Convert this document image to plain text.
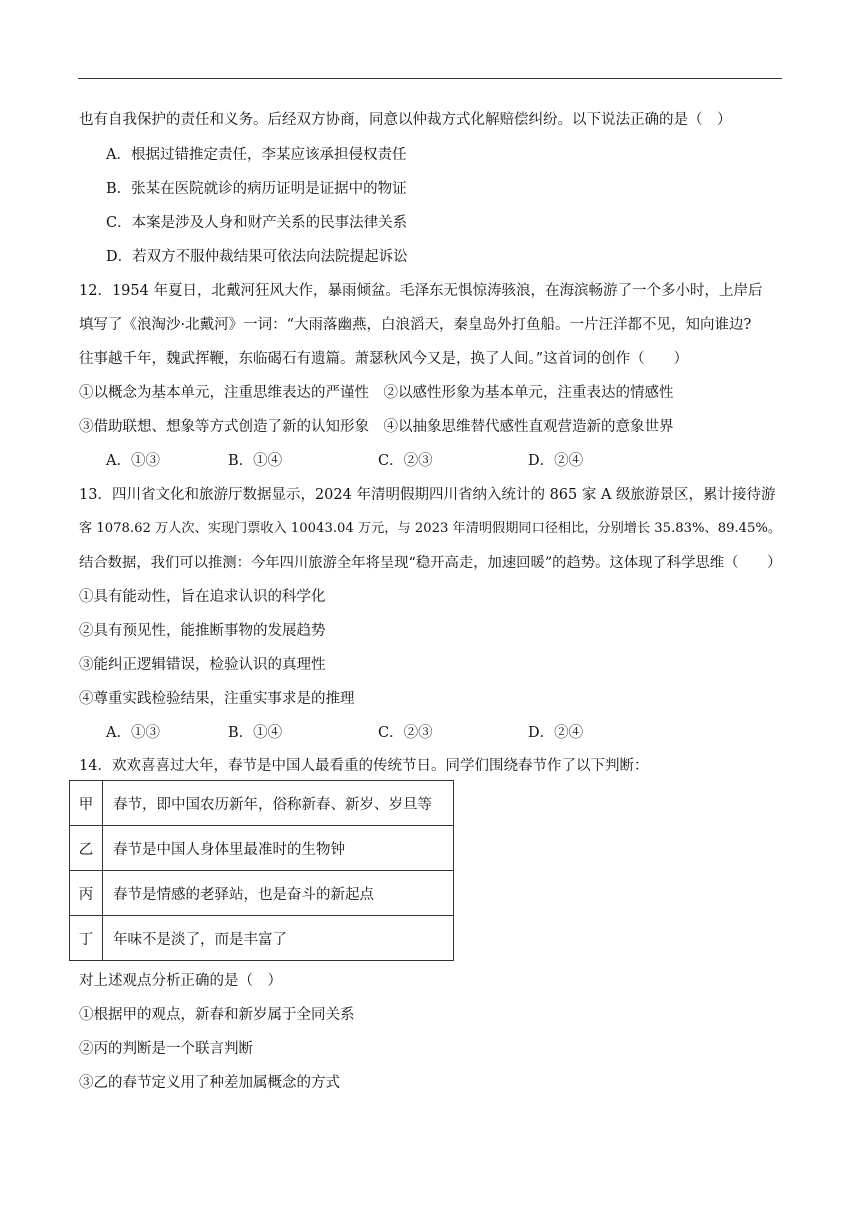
也有自我保护的责任和义务。后经双方协商，同意以仲裁方式化解赔偿纠纷。以下说法正确的是（　）
A．根据过错推定责任，李某应该承担侵权责任
B．张某在医院就诊的病历证明是证据中的物证
C．本案是涉及人身和财产关系的民事法律关系
D．若双方不服仲裁结果可依法向法院提起诉讼
12．1954 年夏日，北戴河狂风大作，暴雨倾盆。毛泽东无惧惊涛骇浪，在海滨畅游了一个多小时，上岸后
填写了《浪淘沙·北戴河》一词：“大雨落幽燕，白浪滔天，秦皇岛外打鱼船。一片汪洋都不见，知向谁边?
往事越千年，魏武挥鞭，东临碣石有遗篇。萧瑟秋风今又是，换了人间。”这首词的创作（　　）
①以概念为基本单元，注重思维表达的严谨性　②以感性形象为基本单元，注重表达的情感性
③借助联想、想象等方式创造了新的认知形象　④以抽象思维替代感性直观营造新的意象世界
A．①③	B．①④	C．②③	D．②④
13．四川省文化和旅游厅数据显示，2024 年清明假期四川省纳入统计的 865 家 A 级旅游景区，累计接待游
客 1078.62 万人次、实现门票收入 10043.04 万元，与 2023 年清明假期同口径相比，分别增长 35.83%、89.45%。
结合数据，我们可以推测：今年四川旅游全年将呈现“稳开高走，加速回暖”的趋势。这体现了科学思维（　　）
①具有能动性，旨在追求认识的科学化
②具有预见性，能推断事物的发展趋势
③能纠正逻辑错误，检验认识的真理性
④尊重实践检验结果，注重实事求是的推理
A．①③	B．①④	C．②③	D．②④
14．欢欢喜喜过大年，春节是中国人最看重的传统节日。同学们围绕春节作了以下判断：
甲	春节，即中国农历新年，俗称新春、新岁、岁旦等
乙	春节是中国人身体里最准时的生物钟
丙	春节是情感的老驿站，也是奋斗的新起点
丁	年味不是淡了，而是丰富了
对上述观点分析正确的是（　）
①根据甲的观点，新春和新岁属于全同关系
②丙的判断是一个联言判断
③乙的春节定义用了种差加属概念的方式
